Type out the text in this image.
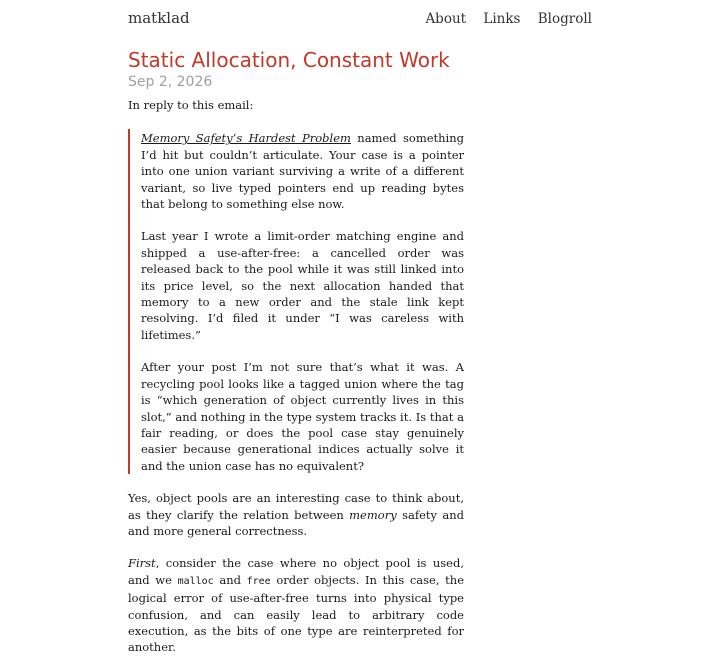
matklad	About Links Blogroll
Static Allocation, Constant Work
Sep 2, 2026

In reply to this email:

Memory Safety’s Hardest Problem named something I’d hit but couldn’t articulate. Your case is a pointer into one union variant surviving a write of a different variant, so live typed pointers end up reading bytes that belong to something else now.

Last year I wrote a limit-order matching engine and shipped a use-after-free: a cancelled order was released back to the pool while it was still linked into its price level, so the next allocation handed that memory to a new order and the stale link kept resolving. I’d filed it under “I was careless with lifetimes.”

After your post I’m not sure that’s what it was. A recycling pool looks like a tagged union where the tag is “which generation of object currently lives in this slot,” and nothing in the type system tracks it. Is that a fair reading, or does the pool case stay genuinely easier because generational indices actually solve it and the union case has no equivalent?

Yes, object pools are an interesting case to think about, as they clarify the relation between memory safety and and more general correctness.

First, consider the case where no object pool is used, and we malloc and free order objects. In this case, the logical error of use-after-free turns into physical type confusion, and can easily lead to arbitrary code execution, as the bits of one type are reinterpreted for another.
